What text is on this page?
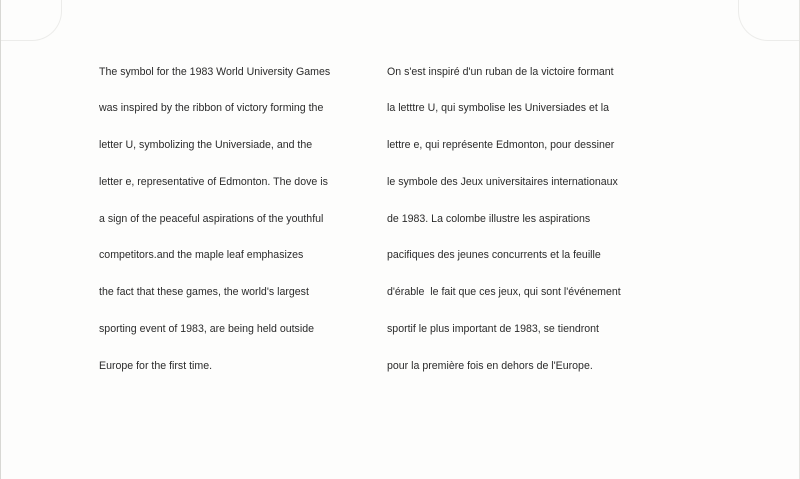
The symbol for the 1983 World University Games

was inspired by the ribbon of victory forming the

letter U, symbolizing the Universiade, and the

letter e, representative of Edmonton. The dove is

a sign of the peaceful aspirations of the youthful

competitors.and the maple leaf emphasizes

the fact that these games, the world's largest

sporting event of 1983, are being held outside

Europe for the first time.

On s'est inspiré d'un ruban de la victoire formant

la letttre U, qui symbolise les Universiades et la

lettre e, qui représente Edmonton, pour dessiner

le symbole des Jeux universitaires internationaux

de 1983. La colombe illustre les aspirations

pacifiques des jeunes concurrents et la feuille

d'érable  le fait que ces jeux, qui sont l'événement

sportif le plus important de 1983, se tiendront

pour la première fois en dehors de l'Europe.
